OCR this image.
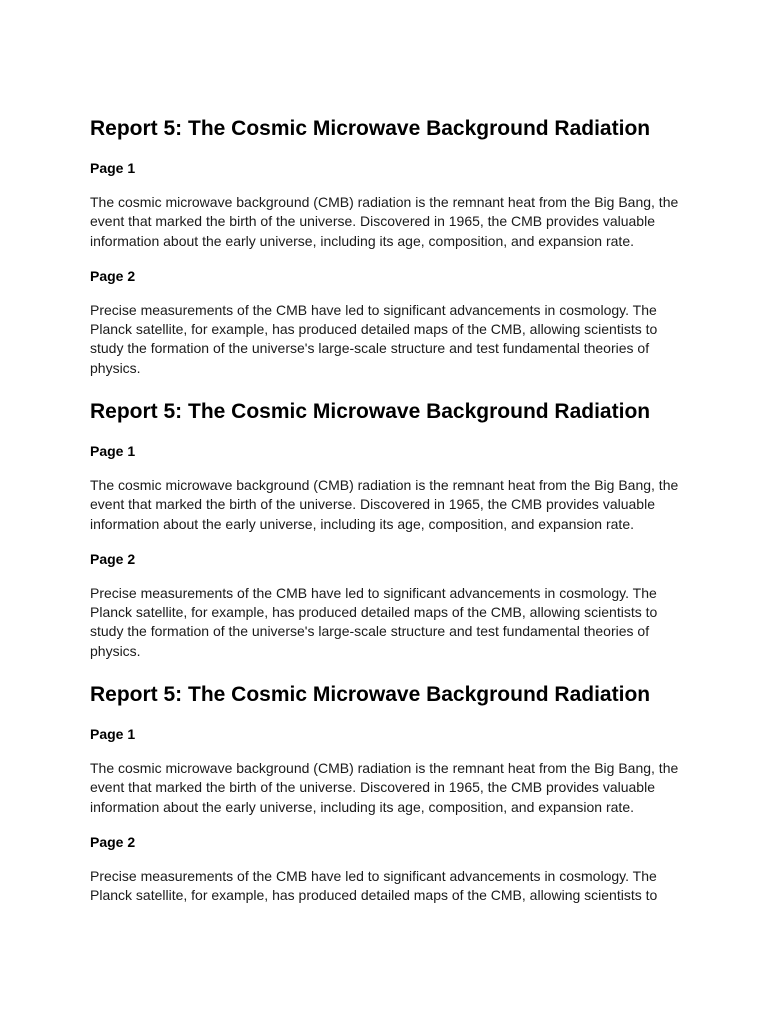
Report 5: The Cosmic Microwave Background Radiation
Page 1

The cosmic microwave background (CMB) radiation is the remnant heat from the Big Bang, the event that marked the birth of the universe. Discovered in 1965, the CMB provides valuable information about the early universe, including its age, composition, and expansion rate.

Page 2

Precise measurements of the CMB have led to significant advancements in cosmology. The Planck satellite, for example, has produced detailed maps of the CMB, allowing scientists to study the formation of the universe's large-scale structure and test fundamental theories of physics.

Report 5: The Cosmic Microwave Background Radiation
Page 1

The cosmic microwave background (CMB) radiation is the remnant heat from the Big Bang, the event that marked the birth of the universe. Discovered in 1965, the CMB provides valuable information about the early universe, including its age, composition, and expansion rate.

Page 2

Precise measurements of the CMB have led to significant advancements in cosmology. The Planck satellite, for example, has produced detailed maps of the CMB, allowing scientists to study the formation of the universe's large-scale structure and test fundamental theories of physics.

Report 5: The Cosmic Microwave Background Radiation
Page 1

The cosmic microwave background (CMB) radiation is the remnant heat from the Big Bang, the event that marked the birth of the universe. Discovered in 1965, the CMB provides valuable information about the early universe, including its age, composition, and expansion rate.

Page 2

Precise measurements of the CMB have led to significant advancements in cosmology. The Planck satellite, for example, has produced detailed maps of the CMB, allowing scientists to
